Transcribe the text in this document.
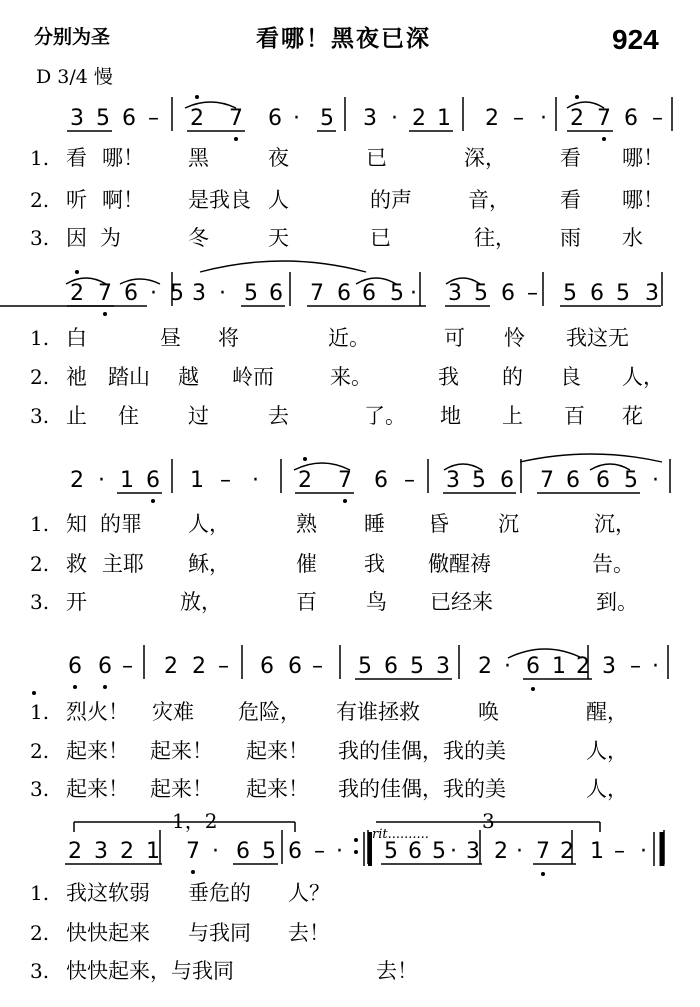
分别为圣	看哪！黑夜已深	924
D 3/4 慢
3 5 6 – 2 7 6 · 5 3 · 2 1 2 – · 2 7 6 –
1. 看 哪！ 黑	夜	已	深，	看 哪！
2. 听 啊！ 是我良 人	的声	音， 看 哪！
3. 因 为	冬	天	已	往， 雨 水
2 7 6 · 5 3 · 5 6 7 6 6 5 · 3 5 6 – 5 6 5 3
1. 白	昼 将	近。	可 怜 我这无
2. 祂 踏山 越 岭而	来。	我 的 良 人，
3. 止 住 过	去	了。 地 上 百 花
2 · 1 6 1 – · 2 7 6 – 3 5 6 7 6 6 5 ·
1. 知 的罪 人，	熟 睡 昏 沉	沉，
2. 救 主耶 稣，	催 我 儆醒祷	告。
3. 开	放，	百 鸟 已经来	到。
6 6 – 2 2 – 6 6 – 5 6 5 3 2 · 6 1 2 3 – ·
1. 烈火！ 灾难 危险， 有谁拯救	唤	醒，
2. 起来！ 起来！ 起来！ 我的佳偶，我的美	人，
3. 起来！ 起来！ 起来！ 我的佳偶，我的美	人，
2 3 2 1 7 · 6 5 6 – · 5 6 5 · 3 2 · 7 2 1 – ·
1. 我这软弱 垂危的 人？
2. 快快起来 与我同 去！
3. 快快起来，与我同	去！
1，2	3
rit..........
